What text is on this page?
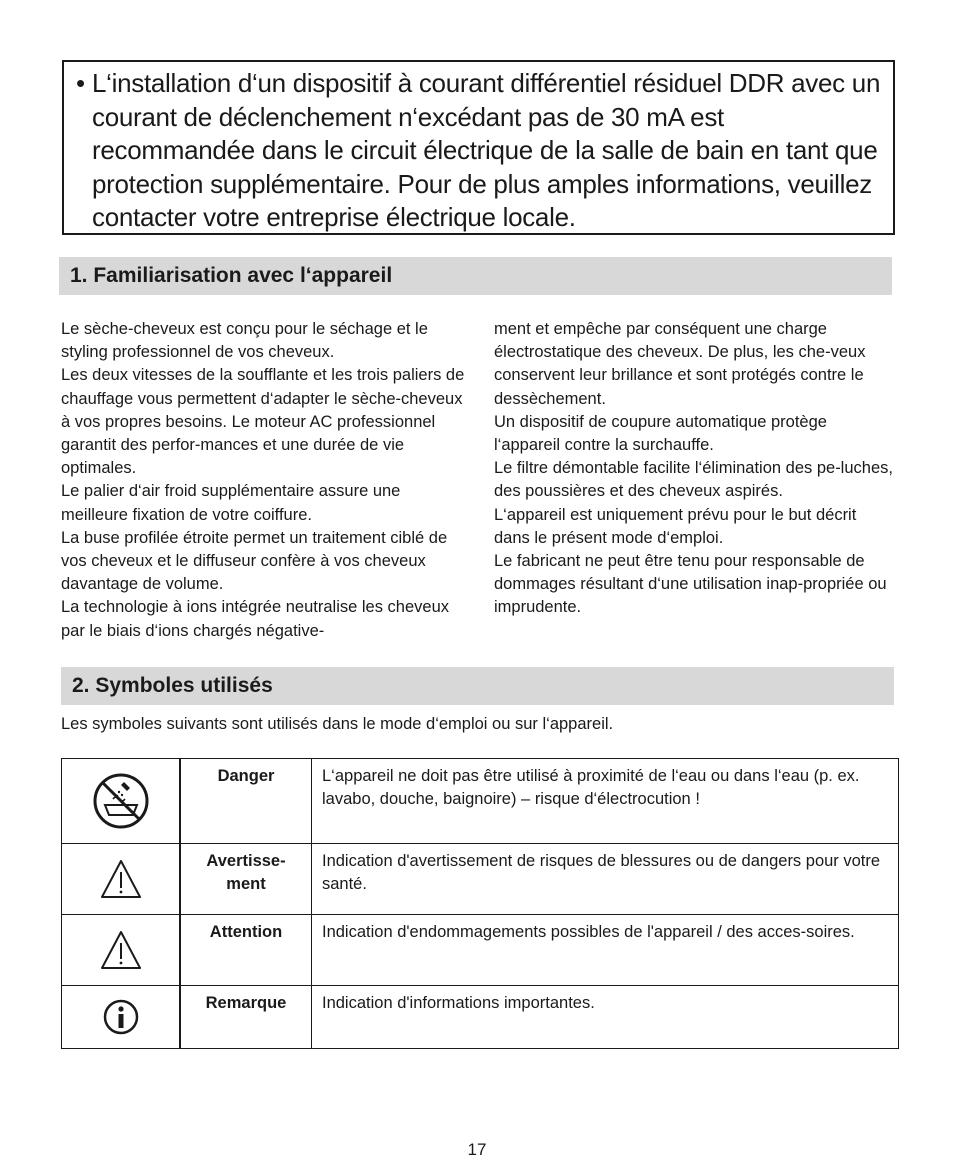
• L‘installation d‘un dispositif à courant différentiel résiduel DDR avec un courant de déclenchement n‘excédant pas de 30 mA est recommandée dans le circuit électrique de la salle de bain en tant que protection supplémentaire. Pour de plus amples informations, veuillez contacter votre entreprise électrique locale.
1. Familiarisation avec l‘appareil

Le sèche-cheveux est conçu pour le séchage et le styling professionnel de vos cheveux.

Les deux vitesses de la soufflante et les trois paliers de chauffage vous permettent d‘adapter le sèche-cheveux à vos propres besoins. Le moteur AC professionnel garantit des perfor-mances et une durée de vie optimales.

Le palier d‘air froid supplémentaire assure une meilleure fixation de votre coiffure.

La buse profilée étroite permet un traitement ciblé de vos cheveux et le diffuseur confère à vos cheveux davantage de volume.

La technologie à ions intégrée neutralise les cheveux par le biais d‘ions chargés négative-

ment et empêche par conséquent une charge électrostatique des cheveux. De plus, les che-veux conservent leur brillance et sont protégés contre le dessèchement.

Un dispositif de coupure automatique protège l‘appareil contre la surchauffe.

Le filtre démontable facilite l‘élimination des pe-luches, des poussières et des cheveux aspirés.

L‘appareil est uniquement prévu pour le but décrit dans le présent mode d‘emploi.

Le fabricant ne peut être tenu pour responsable de dommages résultant d‘une utilisation inap-propriée ou imprudente.

2. Symboles utilisés
Les symboles suivants sont utilisés dans le mode d‘emploi ou sur l‘appareil.

Danger	L‘appareil ne doit pas être utilisé à proximité de l‘eau ou dans l‘eau (p. ex. lavabo, douche, baignoire) – risque d‘électrocution !

Avertisse-
ment	Indication d'avertissement de risques de blessures ou de dangers pour votre santé.

Attention	Indication d'endommagements possibles de l'appareil / des acces-soires.

Remarque	Indication d'informations importantes.
17
